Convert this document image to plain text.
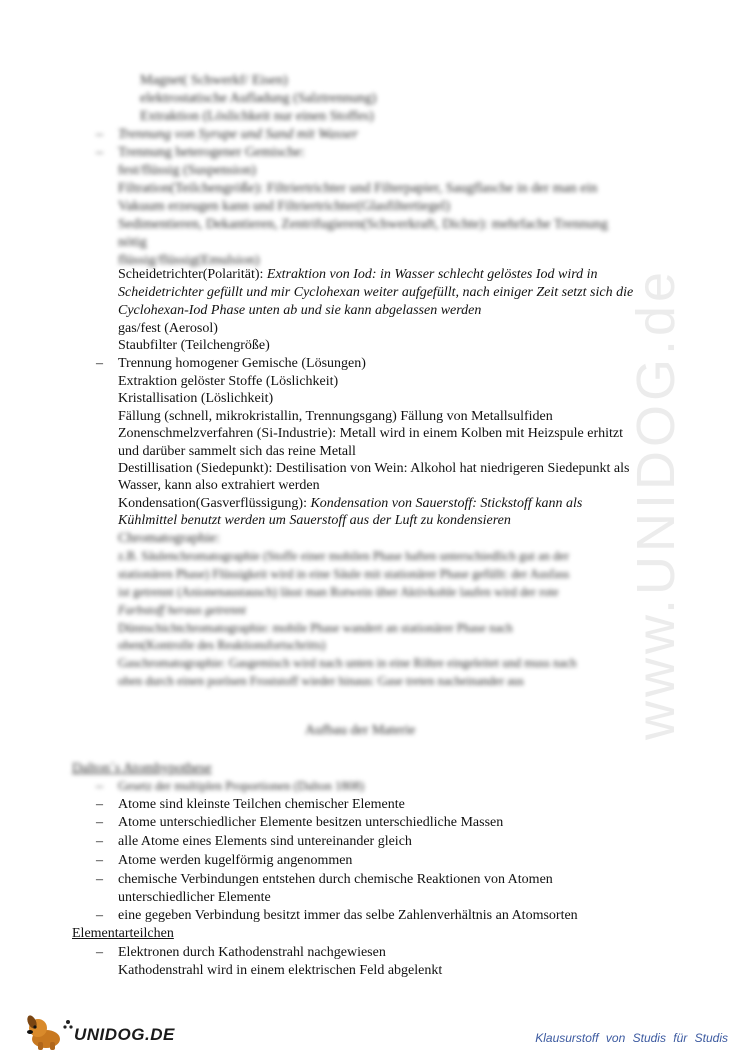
www.UNIDOG.de
Magnet( Schwerkf/ Eisen)
elektrostatische Aufladung (Salztrennung)
Extraktion (Löslichkeit nur einen Stoffes)
– Trennung von Syrupe und Sand mit Wasser
– Trennung heterogener Gemische:
fest/flüssig (Suspension)
Filtration(Teilchengröße): Filtriertrichter und Filterpapier, Saugflasche in der man ein
Vakuum erzeugen kann und Filtriertrichter(Glasfiltertiegel)
Sedimentieren, Dekantieren, Zentrifugieren(Schwerkraft, Dichte): mehrfache Trennung
nötig
flüssig/flüssig(Emulsion)
Scheidetrichter(Polarität): Extraktion von Iod: in Wasser schlecht gelöstes Iod wird in
Scheidetrichter gefüllt und mir Cyclohexan weiter aufgefüllt, nach einiger Zeit setzt sich die
Cyclohexan-Iod Phase unten ab und sie kann abgelassen werden
gas/fest (Aerosol)
Staubfilter (Teilchengröße)
– Trennung homogener Gemische (Lösungen)
Extraktion gelöster Stoffe (Löslichkeit)
Kristallisation (Löslichkeit)
Fällung (schnell, mikrokristallin, Trennungsgang) Fällung von Metallsulfiden
Zonenschmelzverfahren (Si-Industrie): Metall wird in einem Kolben mit Heizspule erhitzt
und darüber sammelt sich das reine Metall
Destillisation (Siedepunkt): Destilisation von Wein: Alkohol hat niedrigeren Siedepunkt als
Wasser, kann also extrahiert werden
Kondensation(Gasverflüssigung): Kondensation von Sauerstoff: Stickstoff kann als
Kühlmittel benutzt werden um Sauerstoff aus der Luft zu kondensieren
Chromatographie:
z.B. Säulenchromatographie (Stoffe einer mobilen Phase haften unterschiedlich gut an der
stationären Phase) Flüssigkeit wird in eine Säule mit stationärer Phase gefüllt: der Ausfass
ist getrennt (Anionenaustausch) lässt man Rotwein über Aktivkohle laufen wird der rote
Farbstoff heraus getrennt
Dünnschichtchromatographie: mobile Phase wandert an stationärer Phase nach
oben(Kontrolle des Reaktionsfortschritts)
Gaschromatographie: Gasgemisch wird nach unten in eine Röhre eingeleitet und muss nach
oben durch einen porösen Froststoff wieder hinaus: Gase treten nacheinander aus
Aufbau der Materie
Dalton´s Atomhypothese
– Gesetz der multiplen Proportionen (Dalton 1808)
– Atome sind kleinste Teilchen chemischer Elemente
– Atome unterschiedlicher Elemente besitzen unterschiedliche Massen
– alle Atome eines Elements sind untereinander gleich
– Atome werden kugelförmig angenommen
– chemische Verbindungen entstehen durch chemische Reaktionen von Atomen
unterschiedlicher Elemente
– eine gegeben Verbindung besitzt immer das selbe Zahlenverhältnis an Atomsorten
Elementarteilchen
– Elektronen durch Kathodenstrahl nachgewiesen
Kathodenstrahl wird in einem elektrischen Feld abgelenkt
UNIDOG.DE	Klausurstoff von Studis für Studis
